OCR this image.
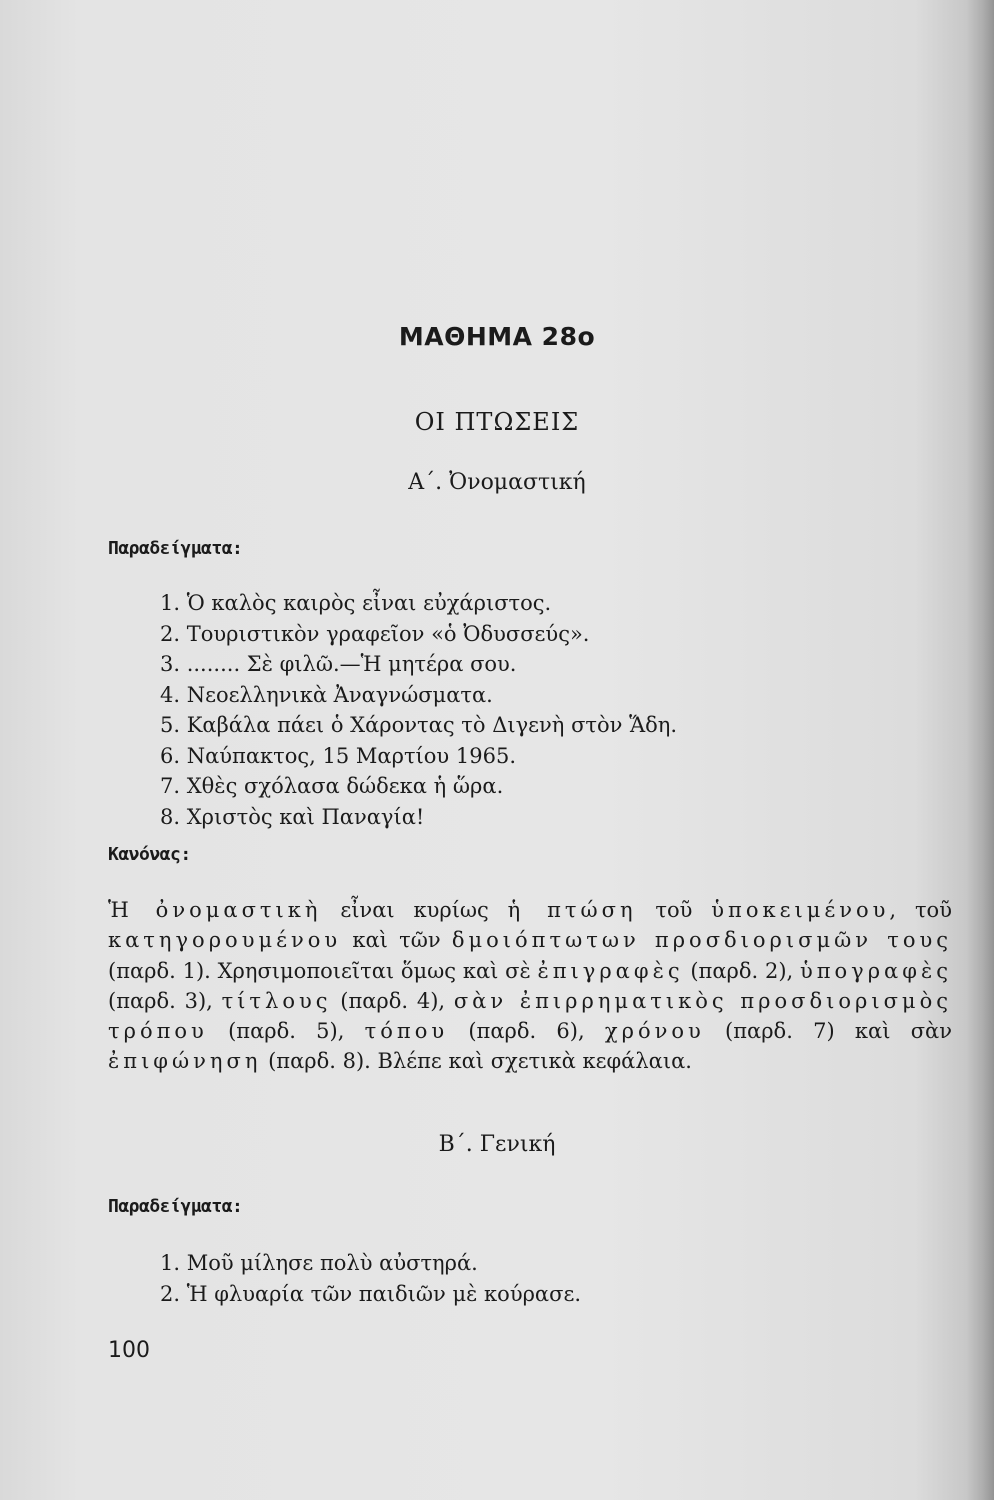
ΜΑΘΗΜΑ 28ο
ΟΙ ΠΤΩΣΕΙΣ
Α΄. Ὀνομαστική
Παραδείγματα:
1. Ὁ καλὸς καιρὸς εἶναι εὐχάριστος.
2. Τουριστικὸν γραφεῖον «ὁ Ὀδυσσεύς».
3. ........ Σὲ φιλῶ.—Ἡ μητέρα σου.
4. Νεοελληνικὰ Ἀναγνώσματα.
5. Καβάλα πάει ὁ Χάροντας τὸ Διγενὴ στὸν Ἅδη.
6. Ναύπακτος, 15 Μαρτίου 1965.
7. Χθὲς σχόλασα δώδεκα ἡ ὥρα.
8. Χριστὸς καὶ Παναγία!
Κανόνας:

Ἡ ὀνομαστικὴ εἶναι κυρίως ἡ πτώση τοῦ ὑποκειμένου, τοῦ κατηγορουμένου καὶ τῶν δμοιόπτωτων προσδιορισμῶν τους (παρδ. 1). Χρησιμοποιεῖται ὅμως καὶ σὲ ἐπιγραφὲς (παρδ. 2), ὑπογραφὲς (παρδ. 3), τίτλους (παρδ. 4), σὰν ἐπιρρηματικὸς προσδιορισμὸς τρόπου (παρδ. 5), τόπου (παρδ. 6), χρόνου (παρδ. 7) καὶ σὰν ἐπιφώνηση (παρδ. 8). Βλέπε καὶ σχετικὰ κεφάλαια.

Β΄. Γενική
Παραδείγματα:
1. Μοῦ μίλησε πολὺ αὐστηρά.
2. Ἡ φλυαρία τῶν παιδιῶν μὲ κούρασε.
100
